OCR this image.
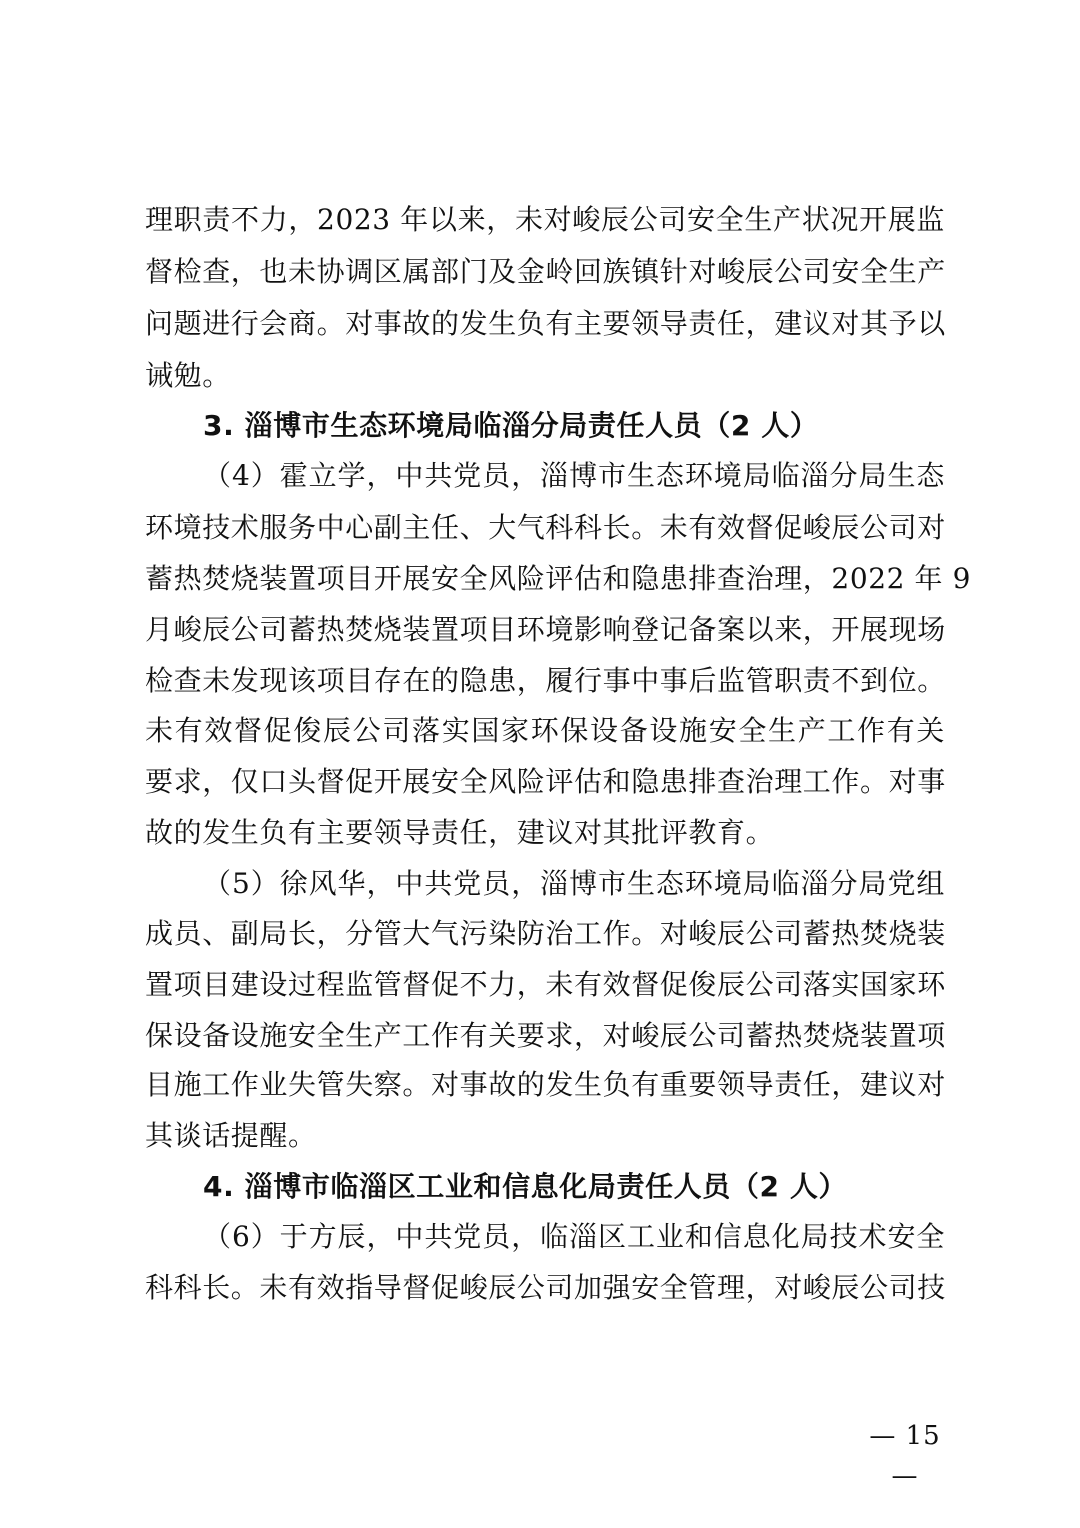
理职责不力，2023 年以来，未对峻辰公司安全生产状况开展监
督检查，也未协调区属部门及金岭回族镇针对峻辰公司安全生产
问题进行会商。对事故的发生负有主要领导责任，建议对其予以
诫勉。
3. 淄博市生态环境局临淄分局责任人员（2 人）
（4）霍立学，中共党员，淄博市生态环境局临淄分局生态
环境技术服务中心副主任、大气科科长。未有效督促峻辰公司对
蓄热焚烧装置项目开展安全风险评估和隐患排查治理，2022 年 9
月峻辰公司蓄热焚烧装置项目环境影响登记备案以来，开展现场
检查未发现该项目存在的隐患，履行事中事后监管职责不到位。
未有效督促俊辰公司落实国家环保设备设施安全生产工作有关
要求，仅口头督促开展安全风险评估和隐患排查治理工作。对事
故的发生负有主要领导责任，建议对其批评教育。
（5）徐风华，中共党员，淄博市生态环境局临淄分局党组
成员、副局长，分管大气污染防治工作。对峻辰公司蓄热焚烧装
置项目建设过程监管督促不力，未有效督促俊辰公司落实国家环
保设备设施安全生产工作有关要求，对峻辰公司蓄热焚烧装置项
目施工作业失管失察。对事故的发生负有重要领导责任，建议对
其谈话提醒。
4. 淄博市临淄区工业和信息化局责任人员（2 人）
（6）于方辰，中共党员，临淄区工业和信息化局技术安全
科科长。未有效指导督促峻辰公司加强安全管理，对峻辰公司技
— 15 —
